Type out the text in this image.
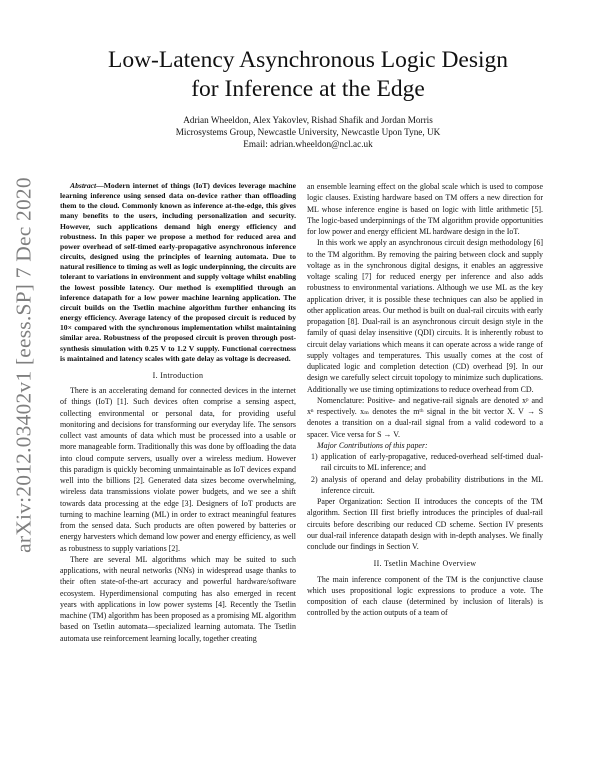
arXiv:2012.03402v1 [eess.SP] 7 Dec 2020
Low-Latency Asynchronous Logic Design
for Inference at the Edge
Adrian Wheeldon, Alex Yakovlev, Rishad Shafik and Jordan Morris
Microsystems Group, Newcastle University, Newcastle Upon Tyne, UK
Email: adrian.wheeldon@ncl.ac.uk

Abstract—Modern internet of things (IoT) devices leverage machine learning inference using sensed data on-device rather than offloading them to the cloud. Commonly known as inference at-the-edge, this gives many benefits to the users, including personalization and security. However, such applications demand high energy efficiency and robustness. In this paper we propose a method for reduced area and power overhead of self-timed early-propagative asynchronous inference circuits, designed using the principles of learning automata. Due to natural resilience to timing as well as logic underpinning, the circuits are tolerant to variations in environment and supply voltage whilst enabling the lowest possible latency. Our method is exemplified through an inference datapath for a low power machine learning application. The circuit builds on the Tsetlin machine algorithm further enhancing its energy efficiency. Average latency of the proposed circuit is reduced by 10× compared with the synchronous implementation whilst maintaining similar area. Robustness of the proposed circuit is proven through post-synthesis simulation with 0.25 V to 1.2 V supply. Functional correctness is maintained and latency scales with gate delay as voltage is decreased.

I. Introduction

There is an accelerating demand for connected devices in the internet of things (IoT) [1]. Such devices often comprise a sensing aspect, collecting environmental or personal data, for providing useful monitoring and decisions for transforming our everyday life. The sensors collect vast amounts of data which must be processed into a usable or more manageable form. Traditionally this was done by offloading the data into cloud compute servers, usually over a wireless medium. However this paradigm is quickly becoming unmaintainable as IoT devices expand well into the billions [2]. Generated data sizes become overwhelming, wireless data transmissions violate power budgets, and we see a shift towards data processing at the edge [3]. Designers of IoT products are turning to machine learning (ML) in order to extract meaningful features from the sensed data. Such products are often powered by batteries or energy harvesters which demand low power and energy efficiency, as well as robustness to supply variations [2].

There are several ML algorithms which may be suited to such applications, with neural networks (NNs) in widespread usage thanks to their often state-of-the-art accuracy and powerful hardware/software ecosystem. Hyperdimensional computing has also emerged in recent years with applications in low power systems [4]. Recently the Tsetlin machine (TM) algorithm has been proposed as a promising ML algorithm based on Tsetlin automata—specialized learning automata. The Tsetlin automata use reinforcement learning locally, together creating

an ensemble learning effect on the global scale which is used to compose logic clauses. Existing hardware based on TM offers a new direction for ML whose inference engine is based on logic with little arithmetic [5]. The logic-based underpinnings of the TM algorithm provide opportunities for low power and energy efficient ML hardware design in the IoT.

In this work we apply an asynchronous circuit design methodology [6] to the TM algorithm. By removing the pairing between clock and supply voltage as in the synchronous digital designs, it enables an aggressive voltage scaling [7] for reduced energy per inference and also adds robustness to environmental variations. Although we use ML as the key application driver, it is possible these techniques can also be applied in other application areas. Our method is built on dual-rail circuits with early propagation [8]. Dual-rail is an asynchronous circuit design style in the family of quasi delay insensitive (QDI) circuits. It is inherently robust to circuit delay variations which means it can operate across a wide range of supply voltages and temperatures. This usually comes at the cost of duplicated logic and completion detection (CD) overhead [9]. In our design we carefully select circuit topology to minimize such duplications. Additionally we use timing optimizations to reduce overhead from CD.

Nomenclature: Positive- and negative-rail signals are denoted xᵖ and xⁿ respectively. xₘ denotes the mᵗʰ signal in the bit vector X. V → S denotes a transition on a dual-rail signal from a valid codeword to a spacer. Vice versa for S → V.

Major Contributions of this paper:

1) application of early-propagative, reduced-overhead self-timed dual-rail circuits to ML inference; and

2) analysis of operand and delay probability distributions in the ML inference circuit.

Paper Organization: Section II introduces the concepts of the TM algorithm. Section III first briefly introduces the principles of dual-rail circuits before describing our reduced CD scheme. Section IV presents our dual-rail inference datapath design with in-depth analyses. We finally conclude our findings in Section V.

II. Tsetlin Machine Overview

The main inference component of the TM is the conjunctive clause which uses propositional logic expressions to produce a vote. The composition of each clause (determined by inclusion of literals) is controlled by the action outputs of a team of
